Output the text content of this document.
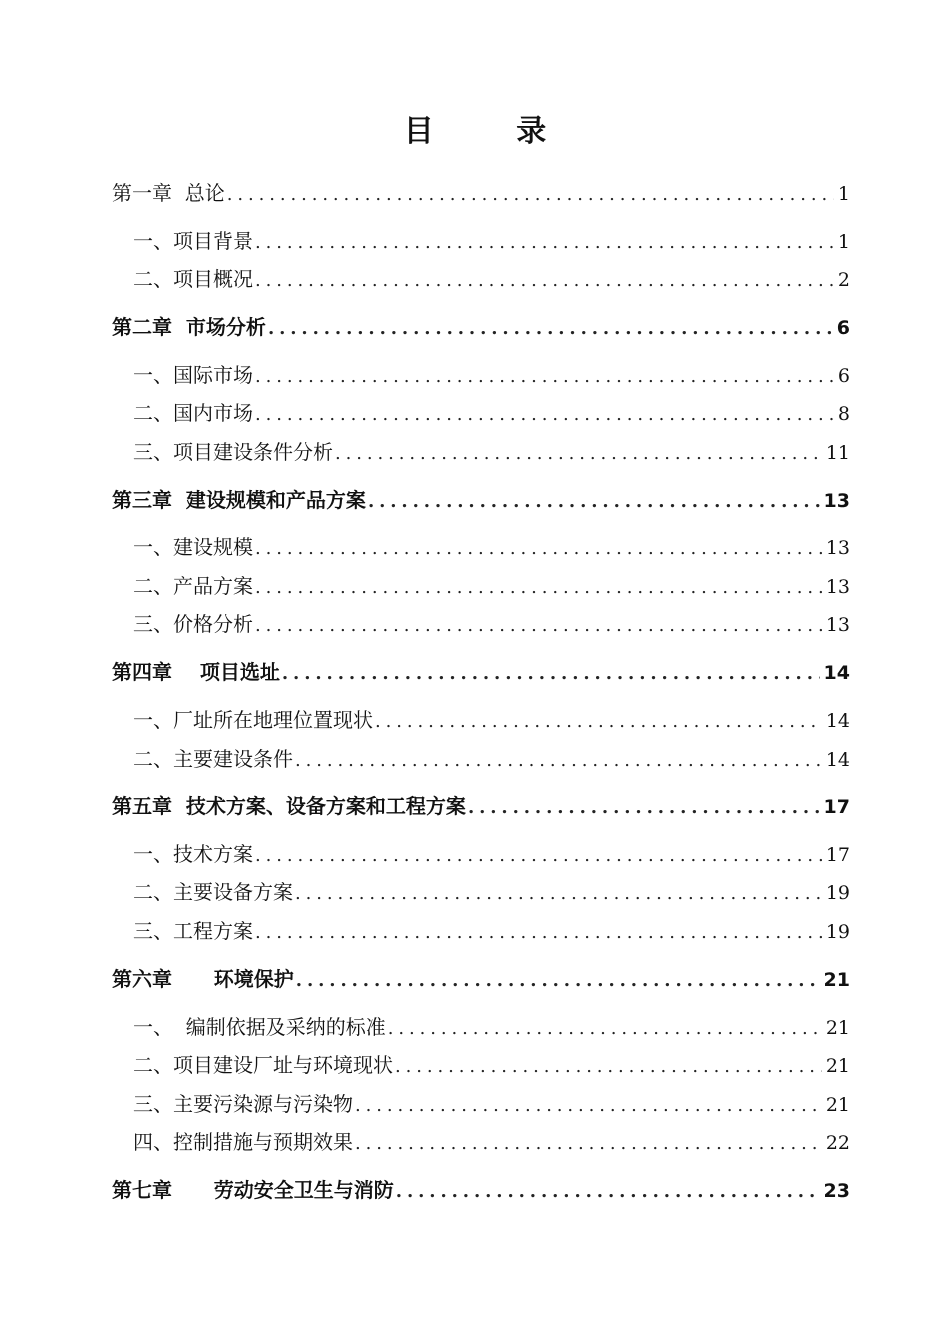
目 录
第一章  总论 .....	1
一、项目背景 .....	1
二、项目概况 .....	2
第二章  市场分析 .....	6
一、国际市场 .....	6
二、国内市场 .....	8
三、项目建设条件分析 .....	11
第三章  建设规模和产品方案 .....	13
一、建设规模 .....	13
二、产品方案 .....	13
三、价格分析 .....	13
第四章    项目选址 .....	14
一、厂址所在地理位置现状 .....	14
二、主要建设条件 .....	14
第五章  技术方案、设备方案和工程方案 .....	17
一、技术方案 .....	17
二、主要设备方案 .....	19
三、工程方案 .....	19
第六章      环境保护 .....	21
一、  编制依据及采纳的标准 .....	21
二、项目建设厂址与环境现状 .....	21
三、主要污染源与污染物 .....	21
四、控制措施与预期效果 .....	22
第七章      劳动安全卫生与消防 .....	23
